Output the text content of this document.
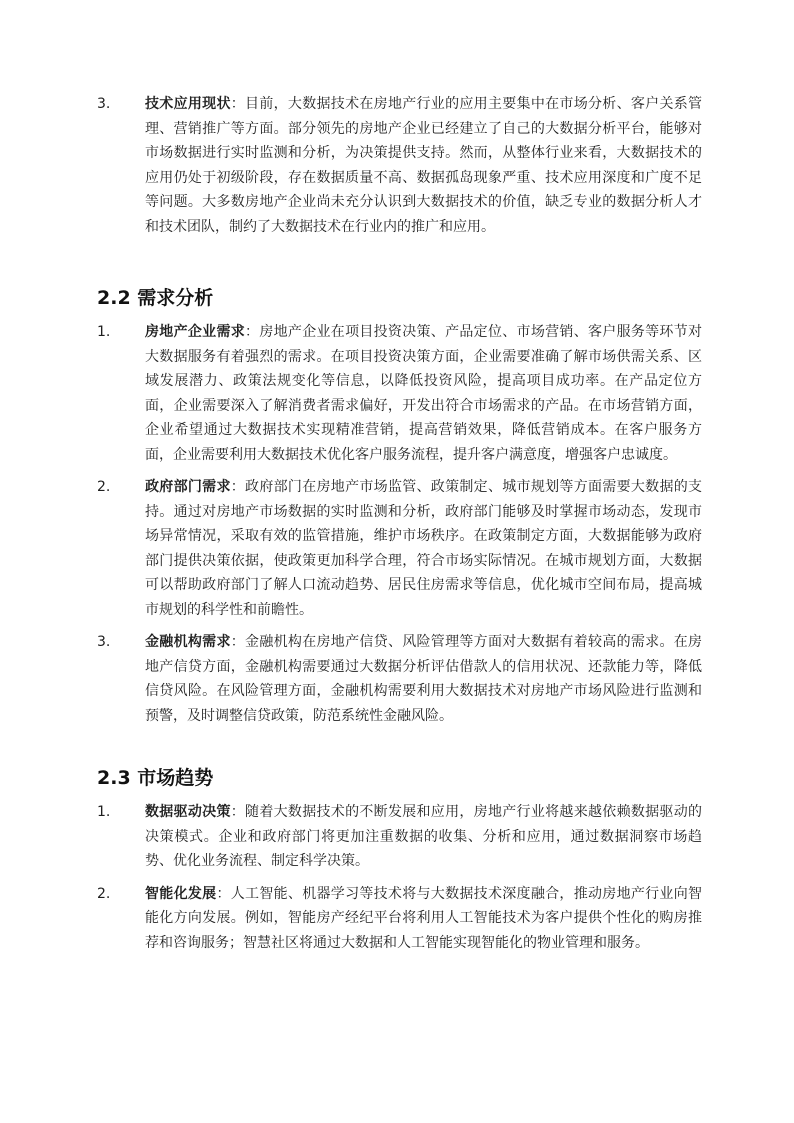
3. 技术应用现状：目前，大数据技术在房地产行业的应用主要集中在市场分析、客户关系管理、营销推广等方面。部分领先的房地产企业已经建立了自己的大数据分析平台，能够对市场数据进行实时监测和分析，为决策提供支持。然而，从整体行业来看，大数据技术的应用仍处于初级阶段，存在数据质量不高、数据孤岛现象严重、技术应用深度和广度不足等问题。大多数房地产企业尚未充分认识到大数据技术的价值，缺乏专业的数据分析人才和技术团队，制约了大数据技术在行业内的推广和应用。
2.2 需求分析
1. 房地产企业需求：房地产企业在项目投资决策、产品定位、市场营销、客户服务等环节对大数据服务有着强烈的需求。在项目投资决策方面，企业需要准确了解市场供需关系、区域发展潜力、政策法规变化等信息，以降低投资风险，提高项目成功率。在产品定位方面，企业需要深入了解消费者需求偏好，开发出符合市场需求的产品。在市场营销方面，企业希望通过大数据技术实现精准营销，提高营销效果，降低营销成本。在客户服务方面，企业需要利用大数据技术优化客户服务流程，提升客户满意度，增强客户忠诚度。
2. 政府部门需求：政府部门在房地产市场监管、政策制定、城市规划等方面需要大数据的支持。通过对房地产市场数据的实时监测和分析，政府部门能够及时掌握市场动态，发现市场异常情况，采取有效的监管措施，维护市场秩序。在政策制定方面，大数据能够为政府部门提供决策依据，使政策更加科学合理，符合市场实际情况。在城市规划方面，大数据可以帮助政府部门了解人口流动趋势、居民住房需求等信息，优化城市空间布局，提高城市规划的科学性和前瞻性。
3. 金融机构需求：金融机构在房地产信贷、风险管理等方面对大数据有着较高的需求。在房地产信贷方面，金融机构需要通过大数据分析评估借款人的信用状况、还款能力等，降低信贷风险。在风险管理方面，金融机构需要利用大数据技术对房地产市场风险进行监测和预警，及时调整信贷政策，防范系统性金融风险。
2.3 市场趋势
1. 数据驱动决策：随着大数据技术的不断发展和应用，房地产行业将越来越依赖数据驱动的决策模式。企业和政府部门将更加注重数据的收集、分析和应用，通过数据洞察市场趋势、优化业务流程、制定科学决策。
2. 智能化发展：人工智能、机器学习等技术将与大数据技术深度融合，推动房地产行业向智能化方向发展。例如，智能房产经纪平台将利用人工智能技术为客户提供个性化的购房推荐和咨询服务；智慧社区将通过大数据和人工智能实现智能化的物业管理和服务。
